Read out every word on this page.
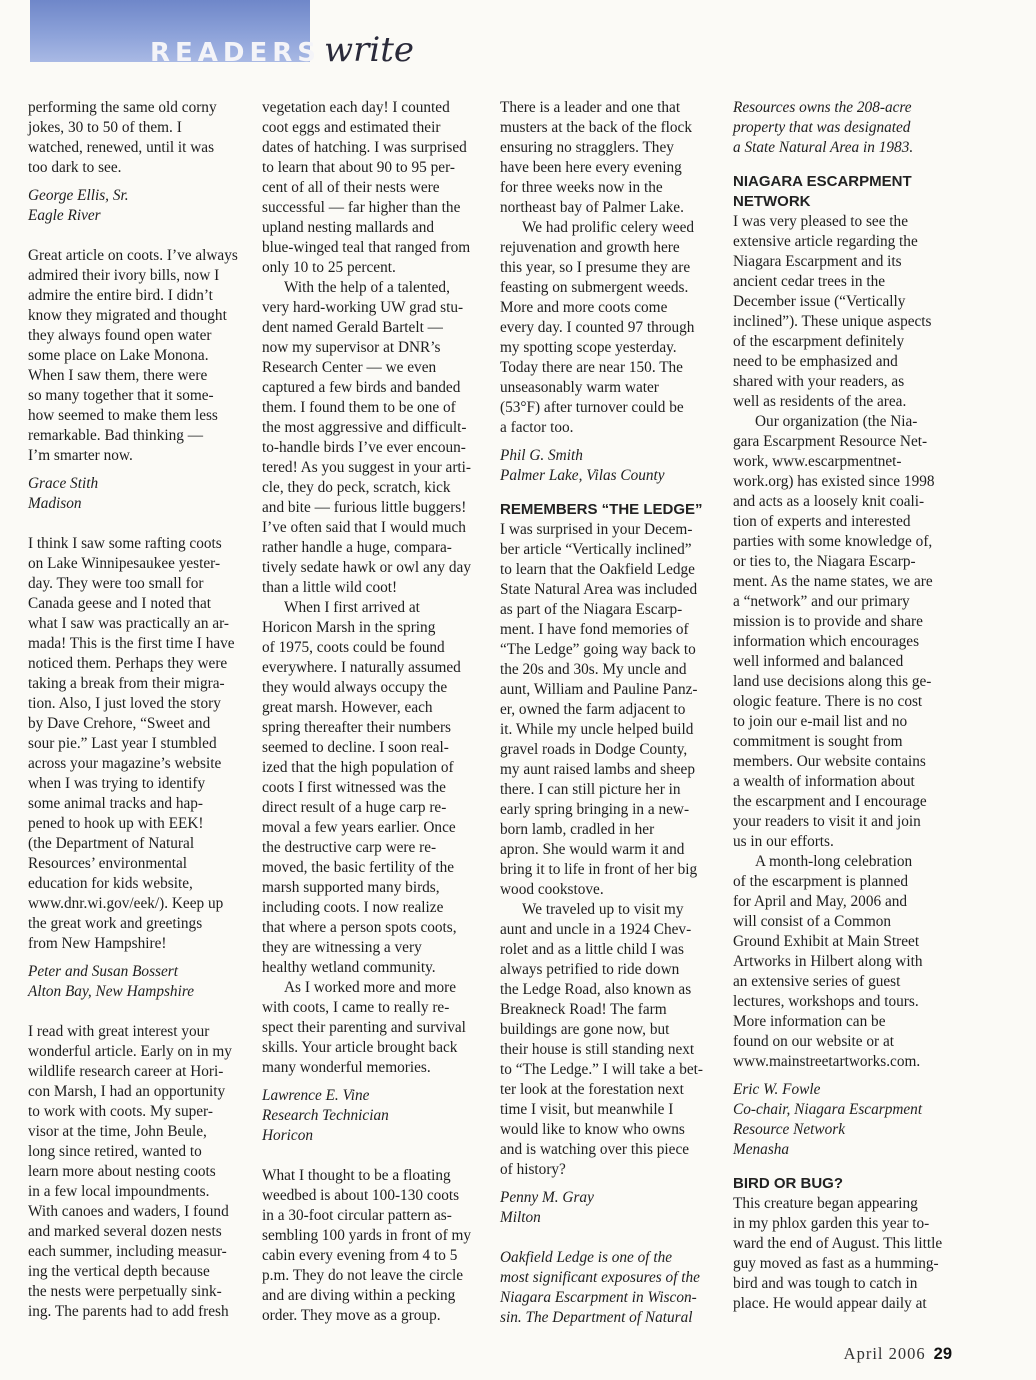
READERSwrite
performing the same old corny
jokes, 30 to 50 of them. I
watched, renewed, until it was
too dark to see.
George Ellis, Sr.
Eagle River
Great article on coots. I’ve always
admired their ivory bills, now I
admire the entire bird. I didn’t
know they migrated and thought
they always found open water
some place on Lake Monona.
When I saw them, there were
so many together that it some-
how seemed to make them less
remarkable. Bad thinking —
I’m smarter now.
Grace Stith
Madison
I think I saw some rafting coots
on Lake Winnipesaukee yester-
day. They were too small for
Canada geese and I noted that
what I saw was practically an ar-
mada! This is the first time I have
noticed them. Perhaps they were
taking a break from their migra-
tion. Also, I just loved the story
by Dave Crehore, “Sweet and
sour pie.” Last year I stumbled
across your magazine’s website
when I was trying to identify
some animal tracks and hap-
pened to hook up with EEK!
(the Department of Natural
Resources’ environmental
education for kids website,
www.dnr.wi.gov/eek/). Keep up
the great work and greetings
from New Hampshire!
Peter and Susan Bossert
Alton Bay, New Hampshire
I read with great interest your
wonderful article. Early on in my
wildlife research career at Hori-
con Marsh, I had an opportunity
to work with coots. My super-
visor at the time, John Beule,
long since retired, wanted to
learn more about nesting coots
in a few local impoundments.
With canoes and waders, I found
and marked several dozen nests
each summer, including measur-
ing the vertical depth because
the nests were perpetually sink-
ing. The parents had to add fresh
vegetation each day! I counted
coot eggs and estimated their
dates of hatching. I was surprised
to learn that about 90 to 95 per-
cent of all of their nests were
successful — far higher than the
upland nesting mallards and
blue-winged teal that ranged from
only 10 to 25 percent.
With the help of a talented,
very hard-working UW grad stu-
dent named Gerald Bartelt —
now my supervisor at DNR’s
Research Center — we even
captured a few birds and banded
them. I found them to be one of
the most aggressive and difficult-
to-handle birds I’ve ever encoun-
tered! As you suggest in your arti-
cle, they do peck, scratch, kick
and bite — furious little buggers!
I’ve often said that I would much
rather handle a huge, compara-
tively sedate hawk or owl any day
than a little wild coot!
When I first arrived at
Horicon Marsh in the spring
of 1975, coots could be found
everywhere. I naturally assumed
they would always occupy the
great marsh. However, each
spring thereafter their numbers
seemed to decline. I soon real-
ized that the high population of
coots I first witnessed was the
direct result of a huge carp re-
moval a few years earlier. Once
the destructive carp were re-
moved, the basic fertility of the
marsh supported many birds,
including coots. I now realize
that where a person spots coots,
they are witnessing a very
healthy wetland community.
As I worked more and more
with coots, I came to really re-
spect their parenting and survival
skills. Your article brought back
many wonderful memories.
Lawrence E. Vine
Research Technician
Horicon
What I thought to be a floating
weedbed is about 100-130 coots
in a 30-foot circular pattern as-
sembling 100 yards in front of my
cabin every evening from 4 to 5
p.m. They do not leave the circle
and are diving within a pecking
order. They move as a group.
There is a leader and one that
musters at the back of the flock
ensuring no stragglers. They
have been here every evening
for three weeks now in the
northeast bay of Palmer Lake.
We had prolific celery weed
rejuvenation and growth here
this year, so I presume they are
feasting on submergent weeds.
More and more coots come
every day. I counted 97 through
my spotting scope yesterday.
Today there are near 150. The
unseasonably warm water
(53°F) after turnover could be
a factor too.
Phil G. Smith
Palmer Lake, Vilas County
REMEMBERS “THE LEDGE”
I was surprised in your Decem-
ber article “Vertically inclined”
to learn that the Oakfield Ledge
State Natural Area was included
as part of the Niagara Escarp-
ment. I have fond memories of
“The Ledge” going way back to
the 20s and 30s. My uncle and
aunt, William and Pauline Panz-
er, owned the farm adjacent to
it. While my uncle helped build
gravel roads in Dodge County,
my aunt raised lambs and sheep
there. I can still picture her in
early spring bringing in a new-
born lamb, cradled in her
apron. She would warm it and
bring it to life in front of her big
wood cookstove.
We traveled up to visit my
aunt and uncle in a 1924 Chev-
rolet and as a little child I was
always petrified to ride down
the Ledge Road, also known as
Breakneck Road! The farm
buildings are gone now, but
their house is still standing next
to “The Ledge.” I will take a bet-
ter look at the forestation next
time I visit, but meanwhile I
would like to know who owns
and is watching over this piece
of history?
Penny M. Gray
Milton
Oakfield Ledge is one of the
most significant exposures of the
Niagara Escarpment in Wiscon-
sin. The Department of Natural
Resources owns the 208-acre
property that was designated
a State Natural Area in 1983.
NIAGARA ESCARPMENT
NETWORK
I was very pleased to see the
extensive article regarding the
Niagara Escarpment and its
ancient cedar trees in the
December issue (“Vertically
inclined”). These unique aspects
of the escarpment definitely
need to be emphasized and
shared with your readers, as
well as residents of the area.
Our organization (the Nia-
gara Escarpment Resource Net-
work, www.escarpmentnet-
work.org) has existed since 1998
and acts as a loosely knit coali-
tion of experts and interested
parties with some knowledge of,
or ties to, the Niagara Escarp-
ment. As the name states, we are
a “network” and our primary
mission is to provide and share
information which encourages
well informed and balanced
land use decisions along this ge-
ologic feature. There is no cost
to join our e-mail list and no
commitment is sought from
members. Our website contains
a wealth of information about
the escarpment and I encourage
your readers to visit it and join
us in our efforts.
A month-long celebration
of the escarpment is planned
for April and May, 2006 and
will consist of a Common
Ground Exhibit at Main Street
Artworks in Hilbert along with
an extensive series of guest
lectures, workshops and tours.
More information can be
found on our website or at
www.mainstreetartworks.com.
Eric W. Fowle
Co-chair, Niagara Escarpment
Resource Network
Menasha
BIRD OR BUG?
This creature began appearing
in my phlox garden this year to-
ward the end of August. This little
guy moved as fast as a humming-
bird and was tough to catch in
place. He would appear daily at
April 2006 29
